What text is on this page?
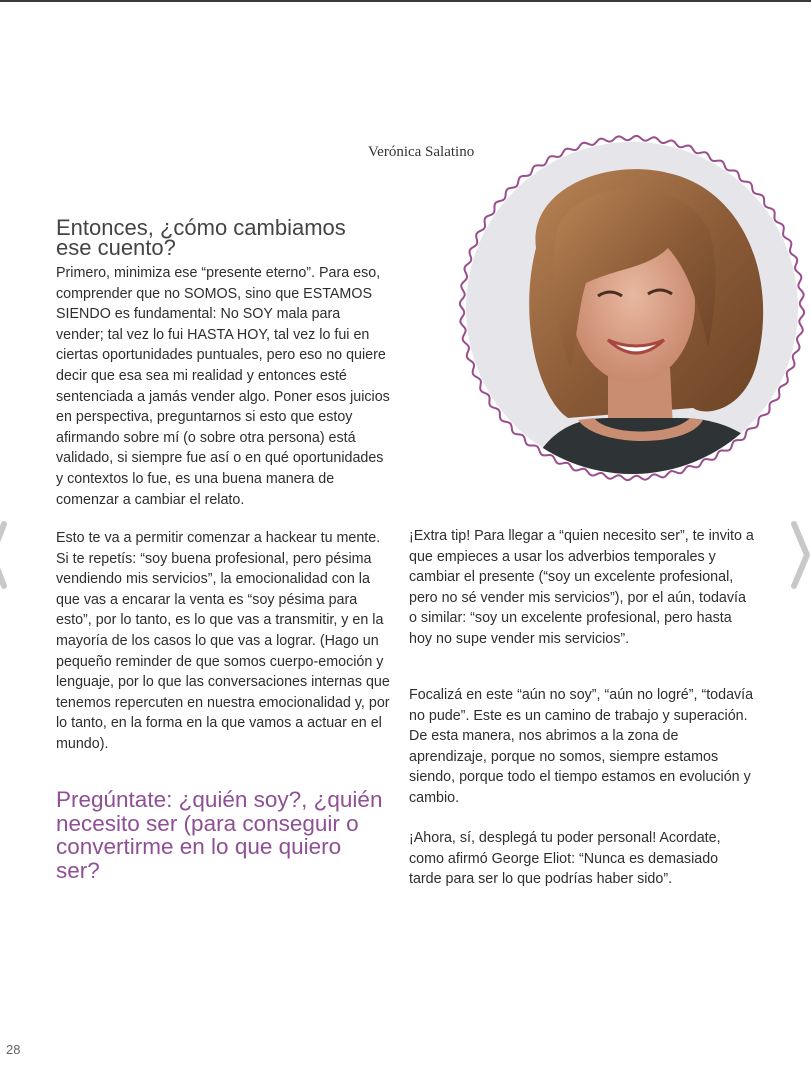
Verónica Salatino
Entonces, ¿cómo cambiamos ese cuento?

Primero, minimiza ese “presente eterno”. Para eso, comprender que no SOMOS, sino que ESTAMOS SIENDO es fundamental: No SOY mala para vender; tal vez lo fui HASTA HOY, tal vez lo fui en ciertas oportunidades puntuales, pero eso no quiere decir que esa sea mi realidad y entonces esté sentenciada a jamás vender algo. Poner esos juicios en perspectiva, preguntarnos si esto que estoy afirmando sobre mí (o sobre otra persona) está validado, si siempre fue así o en qué oportunidades y contextos lo fue, es una buena manera de comenzar a cambiar el relato.

Esto te va a permitir comenzar a hackear tu mente. Si te repetís: “soy buena profesional, pero pésima vendiendo mis servicios”, la emocionalidad con la que vas a encarar la venta es “soy pésima para esto”, por lo tanto, es lo que vas a transmitir, y en la mayoría de los casos lo que vas a lograr. (Hago un pequeño reminder de que somos cuerpo-emoción y lenguaje, por lo que las conversaciones internas que tenemos repercuten en nuestra emocionalidad y, por lo tanto, en la forma en la que vamos a actuar en el mundo).

Pregúntate: ¿quién soy?, ¿quién necesito ser (para conseguir o convertirme en lo que quiero ser?

¡Extra tip! Para llegar a “quien necesito ser”, te invito a que empieces a usar los adverbios temporales y cambiar el presente (“soy un excelente profesional, pero no sé vender mis servicios”), por el aún, todavía o similar: “soy un excelente profesional, pero hasta hoy no supe vender mis servicios”.

Focalizá en este “aún no soy”, “aún no logré”, “todavía no pude”. Este es un camino de trabajo y superación. De esta manera, nos abrimos a la zona de aprendizaje, porque no somos, siempre estamos siendo, porque todo el tiempo estamos en evolución y cambio.

¡Ahora, sí, desplegá tu poder personal! Acordate, como afirmó George Eliot: “Nunca es demasiado tarde para ser lo que podrías haber sido”.

28
